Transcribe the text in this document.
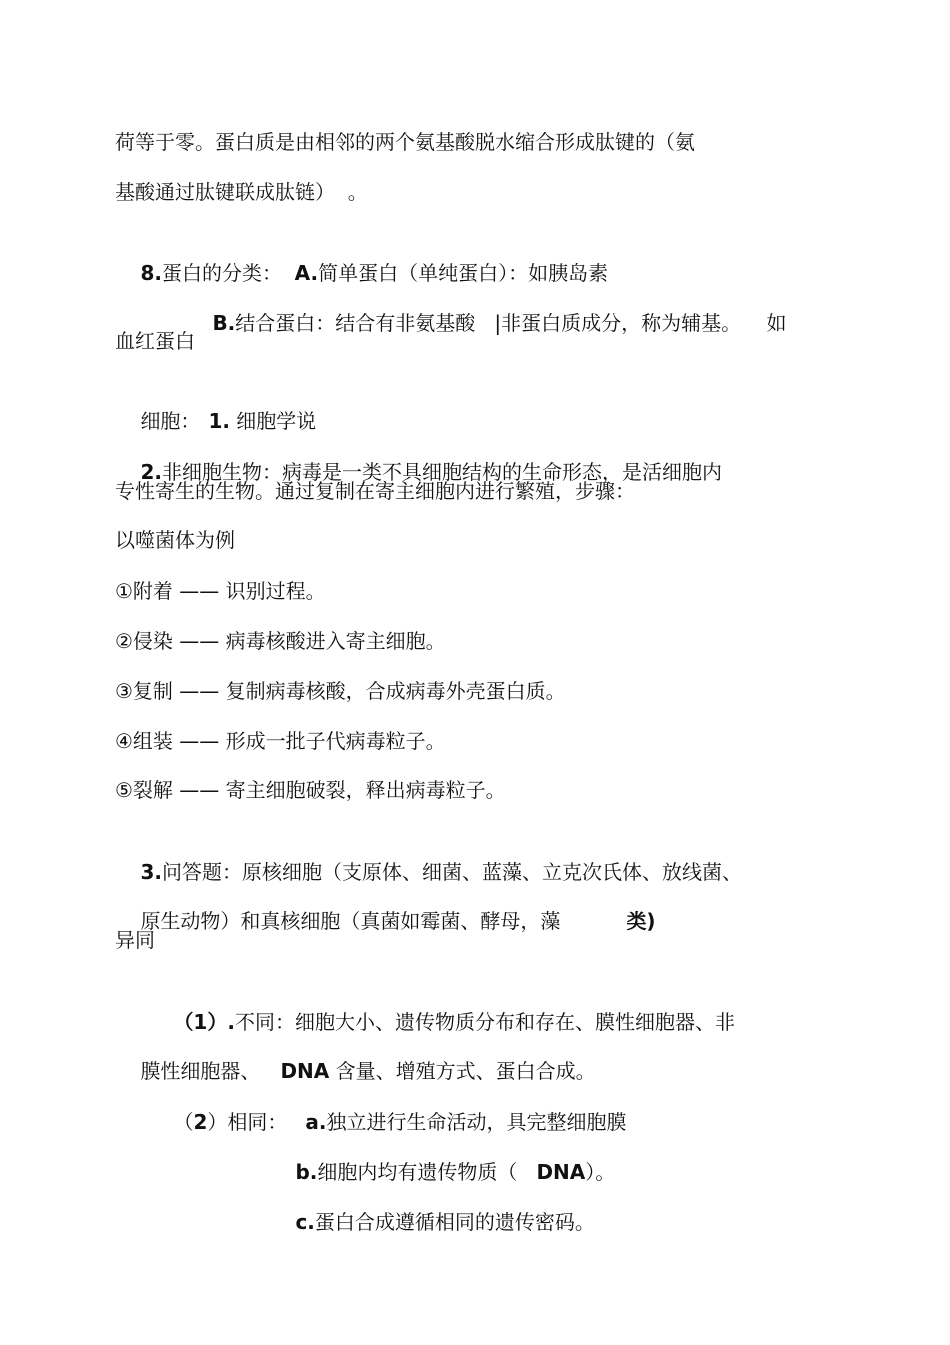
荷等于零。蛋白质是由相邻的两个氨基酸脱水缩合形成肽键的（氨
基酸通过肽键联成肽链）  。

8.蛋白的分类：  A.简单蛋白（单纯蛋白）：如胰岛素

B.结合蛋白：结合有非氨基酸   |非蛋白质成分，称为辅基。    如

血红蛋白

细胞： 1. 细胞学说

2.非细胞生物：病毒是一类不具细胞结构的生命形态，是活细胞内

专性寄生的生物。通过复制在寄主细胞内进行繁殖，步骤：
以噬菌体为例
①附着 —— 识别过程。
②侵染 —— 病毒核酸进入寄主细胞。
③复制 —— 复制病毒核酸，合成病毒外壳蛋白质。
④组装 —— 形成一批子代病毒粒子。
⑤裂解 —— 寄主细胞破裂，释出病毒粒子。

3.问答题：原核细胞（支原体、细菌、蓝藻、立克次氏体、放线菌、

原生动物）和真核细胞（真菌如霉菌、酵母，藻	类)

异同

（1）.不同：细胞大小、遗传物质分布和存在、膜性细胞器、非

膜性细胞器、 DNA 含量、增殖方式、蛋白合成。

（2）相同： a.独立进行生命活动，具完整细胞膜

b.细胞内均有遗传物质（   DNA）。

c.蛋白合成遵循相同的遗传密码。
